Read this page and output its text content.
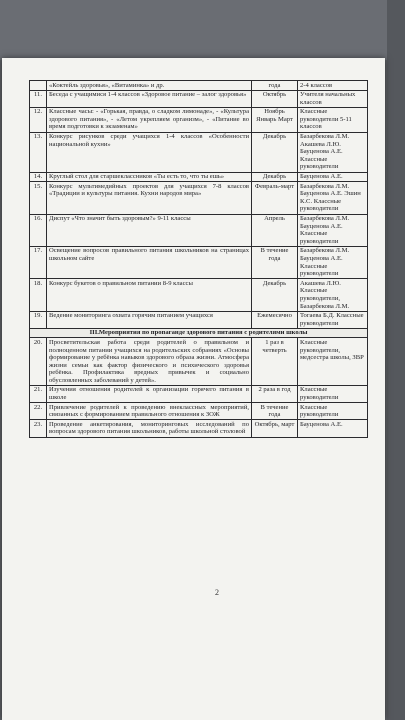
	«Коктейль здоровья», «Витаминка» и др.	года	2-4 классов
11.	Беседа с учащимися 1-4 классов «Здоровое питание – залог здоровья»	Октябрь	Учителя начальных классов
12.	Классные часы: - «Горькая, правда, о сладком лимонаде», - «Культура здорового питания», - «Летом укрепляем организм», - «Питание во время подготовки к экзаменам»	Ноябрь Январь Март	Классные руководители 5-11 классов
13.	Конкурс рисунков среди учащихся 1-4 классов «Особенности национальной кухни»	Декабрь	Базарбекова Л.М. Акашева Л.Ю. Бауценова А.Е. Классные руководители
14.	Круглый стол для старшеклассников «Ты есть то, что ты ешь»	Декабрь	Бауценова А.Е.
15.	Конкурс мультимедийных проектов для учащихся 7-8 классов «Традиции и культуры питания. Кухни народов мира»	Февраль-март	Базарбекова Л.М. Бауценова А.Е. Эшин К.С. Классные руководители
16.	Диспут «Что значит быть здоровым?» 9-11 классы	Апрель	Базарбекова Л.М. Бауценова А.Е. Классные руководители
17.	Освещение вопросов правильного питания школьников на страницах школьном сайте	В течение года	Базарбекова Л.М. Бауценова А.Е. Классные руководители
18.	Конкурс букетов о правильном питании 8-9 классы	Декабрь	Акашева Л.Ю. Классные руководители, Базарбекова Л.М.
19.	Ведение мониторинга охвата горячим питанием учащихся	Ежемесячно	Тогаева Б.Д. Классные руководители
III.Мероприятия по пропаганде здорового питания с родителями школы			
20.	Просветительская работа среди родителей о правильном и полноценном питании учащихся на родительских собраниях «Основы формирование у ребёнка навыков здорового образа жизни. Атмосфера жизни семьи как фактор физического и психического здоровья ребёнка. Профилактика вредных привычек и социально обусловленных заболеваний у детей».	1 раз в четверть	Классные руководители, медсестра школы, ЗВР
21.	Изучения отношения родителей к организации горячего питания в школе	2 раза в год	Классные руководители
22.	Привлечение родителей к проведению внеклассных мероприятий, связанных с формированием правильного отношения к ЗОЖ	В течение года	Классные руководители
23.	Проведение анкетирования, мониторинговых исследований по вопросам здорового питания школьников, работы школьной столовой	Октябрь, март	Бауценова А.Е.
2
